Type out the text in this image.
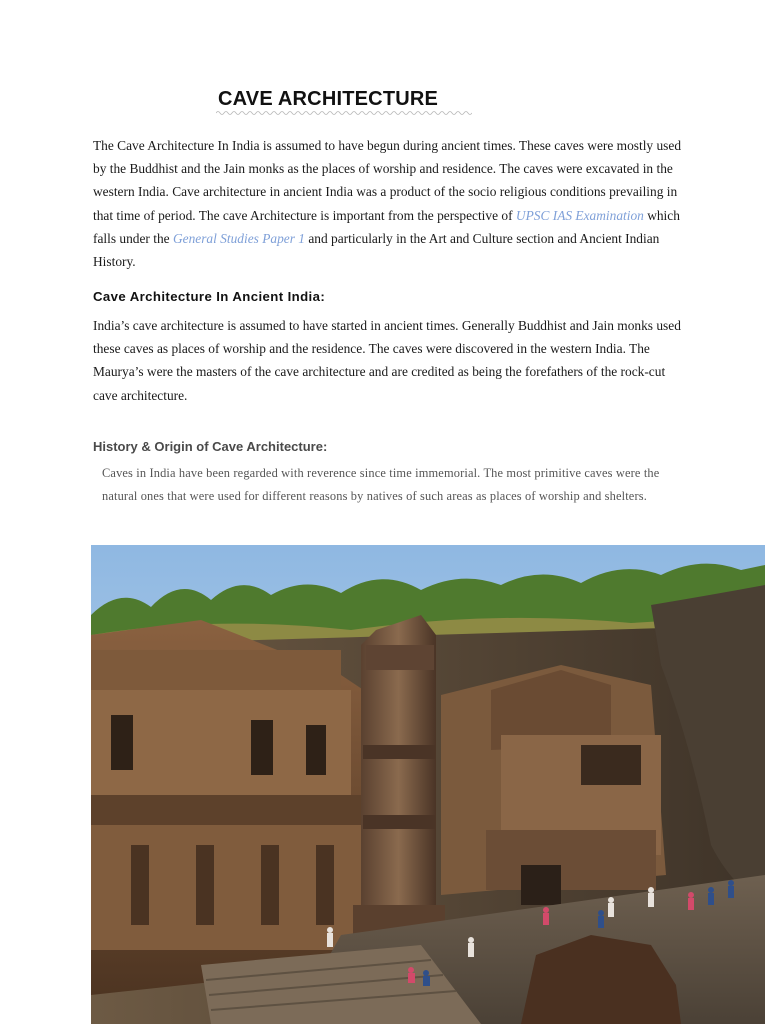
CAVE ARCHITECTURE

The Cave Architecture In India is assumed to have begun during ancient times. These caves were mostly used by the Buddhist and the Jain monks as the places of worship and residence. The caves were excavated in the western India. Cave architecture in ancient India was a product of the socio religious conditions prevailing in that time of period. The cave Architecture is important from the perspective of UPSC IAS Examination which falls under the General Studies Paper 1 and particularly in the Art and Culture section and Ancient Indian History.

Cave Architecture In Ancient India:

India’s cave architecture is assumed to have started in ancient times. Generally Buddhist and Jain monks used these caves as places of worship and the residence. The caves were discovered in the western India. The Maurya’s were the masters of the cave architecture and are credited as being the forefathers of the rock-cut cave architecture.

History & Origin of Cave Architecture:

Caves in India have been regarded with reverence since time immemorial. The most primitive caves were the natural ones that were used for different reasons by natives of such areas as places of worship and shelters.
